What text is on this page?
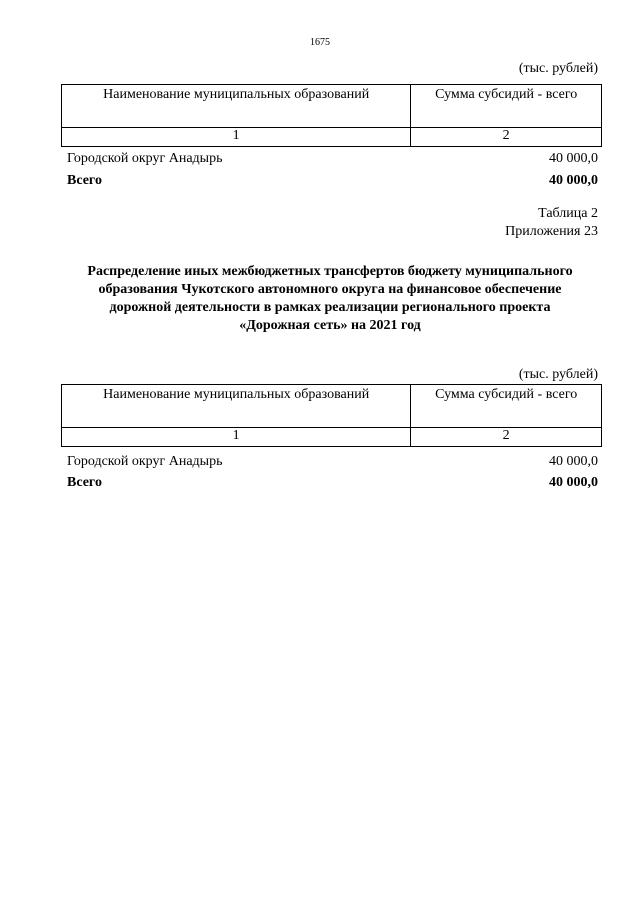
1675
(тыс. рублей)
Наименование муниципальных образований	Сумма субсидий - всего
1	2
Городской округ Анадырь	40 000,0
Всего	40 000,0
Таблица 2
Приложения 23
Распределение иных межбюджетных трансфертов бюджету муниципального
образования Чукотского автономного округа на финансовое обеспечение
дорожной деятельности в рамках реализации регионального проекта
«Дорожная сеть» на 2021 год
(тыс. рублей)
Наименование муниципальных образований	Сумма субсидий - всего
1	2
Городской округ Анадырь	40 000,0
Всего	40 000,0
